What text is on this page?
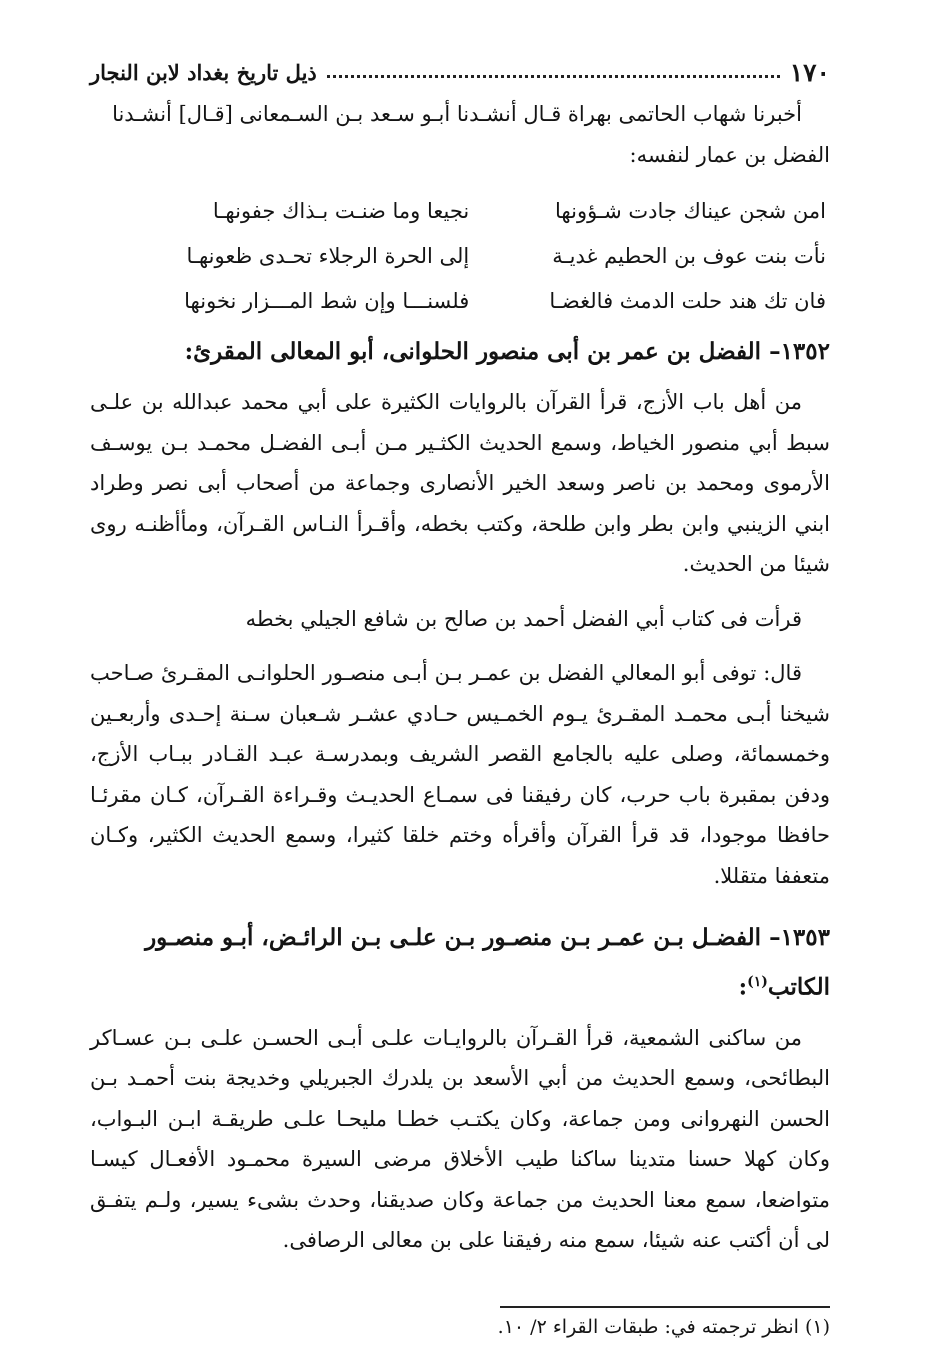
١٧٠
ذيل تاريخ بغداد لابن النجار

أخبرنا شهاب الحاتمى بهراة قـال أنشـدنا أبـو سـعد بـن السـمعانى [قـال] أنشـدنا

الفضل بن عمار لنفسه:

امن شجن عيناك جادت شـؤونها
نجيعا وما ضنـت بـذاك جفونهـا
نأت بنت عوف بن الحطيم غديـة
إلى الحرة الرجلاء تحـدى ظعونهـا
فان تك هند حلت الدمث فالغضـا
فلسنـــا وإن شط المـــزار نخونها
١٣٥٢– الفضل بن عمر بن أبى منصور الحلوانى، أبو المعالى المقرئ:

من أهل باب الأزج، قرأ القرآن بالروايات الكثيرة على أبي محمد عبدالله بن علـى سبط أبي منصور الخياط، وسمع الحديث الكثـير مـن أبـى الفضـل محمـد بـن يوسـف الأرموى ومحمد بن ناصر وسعد الخير الأنصارى وجماعة من أصحاب أبى نصر وطراد ابني الزينبي وابن بطر وابن طلحة، وكتب بخطه، وأقـرأ النـاس القـرآن، ومأأظنـه روى شيئا من الحديث.

قرأت فى كتاب أبي الفضل أحمد بن صالح بن شافع الجيلي بخطه

قال: توفى أبو المعالي الفضل بن عمـر بـن أبـى منصـور الحلوانـى المقـرئ صـاحب شيخنا أبـى محمـد المقـرئ يـوم الخمـيس حـادي عشـر شـعبان سـنة إحـدى وأربعـين وخمسمائة، وصلى عليه بالجامع القصر الشريف وبمدرسـة عبـد القـادر ببـاب الأزج، ودفن بمقبرة باب حرب، كان رفيقنا فى سمـاع الحديـث وقـراءة القـرآن، كـان مقرئـا حافظا موجودا، قد قرأ القرآن وأقرأه وختم خلقا كثيرا، وسمع الحديث الكثير، وكـان متعففا متقللا.

١٣٥٣– الفضـل بـن عمـر بـن منصـور بـن علـى بـن الرائـض، أبـو منصـور الكاتب$^{(١)}$:

من ساكنى الشمعية، قرأ القـرآن بالروايـات علـى أبـى الحسـن علـى بـن عسـاكر البطائحى، وسمع الحديث من أبي الأسعد بن يلدرك الجبريلي وخديجة بنت أحمـد بـن الحسن النهروانى ومن جماعة، وكان يكتـب خطـا مليحـا علـى طريقـة ابـن البـواب، وكان كهلا حسنا متدينا ساكنا طيب الأخلاق مرضى السيرة محمـود الأفعـال كيسـا متواضعا، سمع معنا الحديث من جماعة وكان صديقنا، وحدث بشىء يسير، ولـم يتفـق لى أن أكتب عنه شيئا، سمع منه رفيقنا على بن معالى الرصافى.

(١) انظر ترجمته في: طبقات القراء ٢/ ١٠.
